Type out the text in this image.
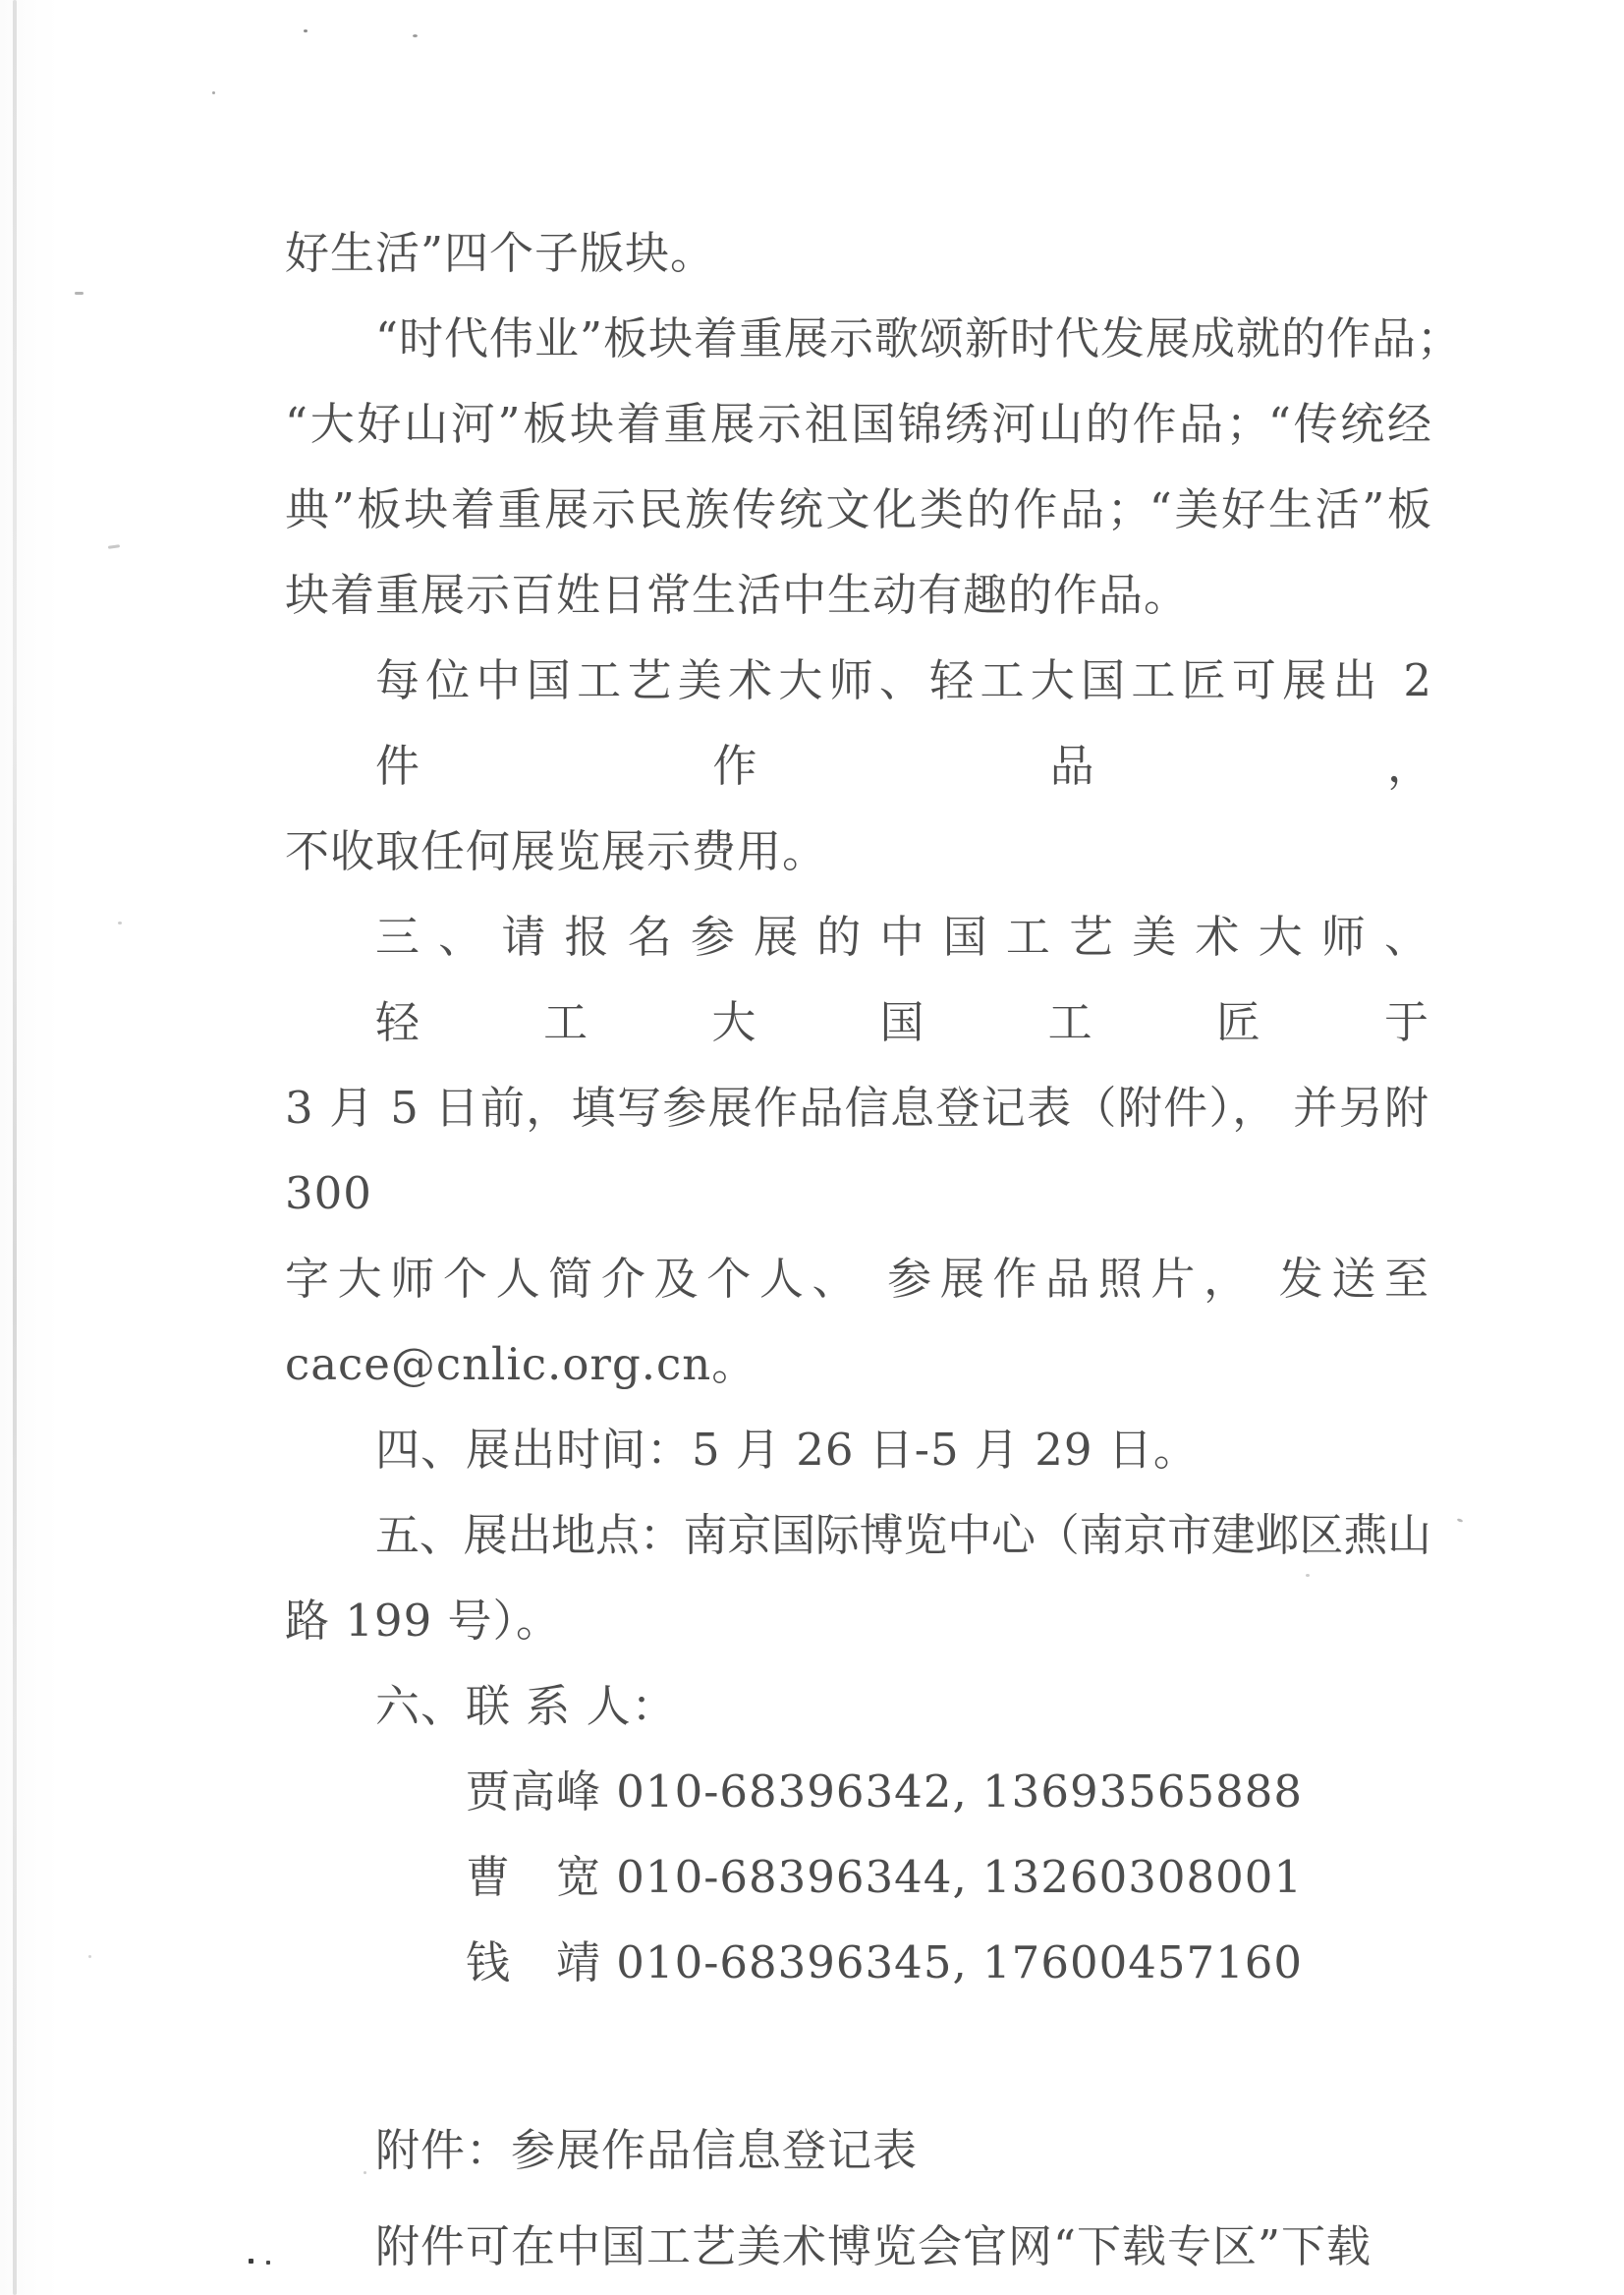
好生活”四个子版块。
“时代伟业”板块着重展示歌颂新时代发展成就的作品；
“大好山河”板块着重展示祖国锦绣河山的作品；“传统经
典”板块着重展示民族传统文化类的作品；“美好生活”板
块着重展示百姓日常生活中生动有趣的作品。
每位中国工艺美术大师、轻工大国工匠可展出 2 件作品，
不收取任何展览展示费用。
三、请报名参展的中国工艺美术大师、轻工大国工匠于
3 月 5 日前，填写参展作品信息登记表（附件）， 并另附 300
字大师个人简介及个人、 参展作品照片， 发送至
cace@cnlic.org.cn。
四、展出时间：5 月 26 日-5 月 29 日。
五、展出地点：南京国际博览中心（南京市建邺区燕山
路 199 号）。
六、联 系 人：
贾高峰 010-68396342, 13693565888
曹　宽 010-68396344, 13260308001
钱　靖 010-68396345, 17600457160
附件：参展作品信息登记表
附件可在中国工艺美术博览会官网“下载专区”下载
